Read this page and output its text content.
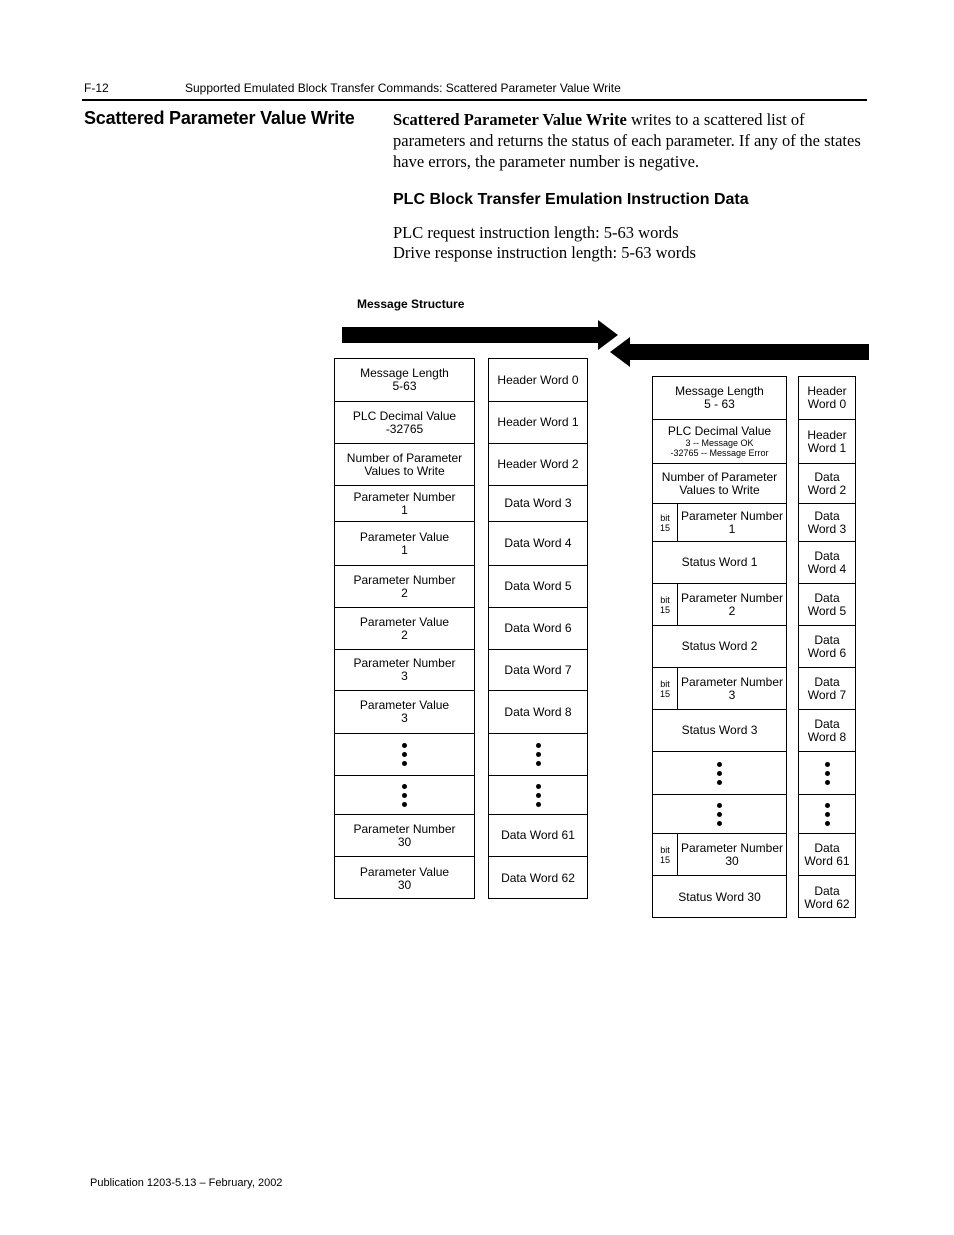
F-12	Supported Emulated Block Transfer Commands: Scattered Parameter Value Write
Scattered Parameter Value Write Scattered Parameter Value Write writes to a scattered list of parameters and returns the status of each parameter. If any of the states have errors, the parameter number is negative.
PLC Block Transfer Emulation Instruction Data
PLC request instruction length: 5-63 words
Drive response instruction length: 5-63 words
Message Structure
Message Length
5-63
PLC Decimal Value
-32765
Number of Parameter
Values to Write
Parameter Number
1
Parameter Value
1
Parameter Number
2
Parameter Value
2
Parameter Number
3
Parameter Value
3
Parameter Number
30
Parameter Value
30
Header Word 0
Header Word 1
Header Word 2
Data Word 3
Data Word 4
Data Word 5
Data Word 6
Data Word 7
Data Word 8
Data Word 61
Data Word 62
Message Length
5 - 63
PLC Decimal Value
3 -- Message OK
-32765 -- Message Error
Number of Parameter
Values to Write
bit
15
Parameter Number
1
Status Word 1
bit
15
Parameter Number
2
Status Word 2
bit
15
Parameter Number
3
Status Word 3
bit
15
Parameter Number
30
Status Word 30
Header
Word 0
Header
Word 1
Data
Word 2
Data
Word 3
Data
Word 4
Data
Word 5
Data
Word 6
Data
Word 7
Data
Word 8
Data
Word 61
Data
Word 62
Publication 1203-5.13 – February, 2002
